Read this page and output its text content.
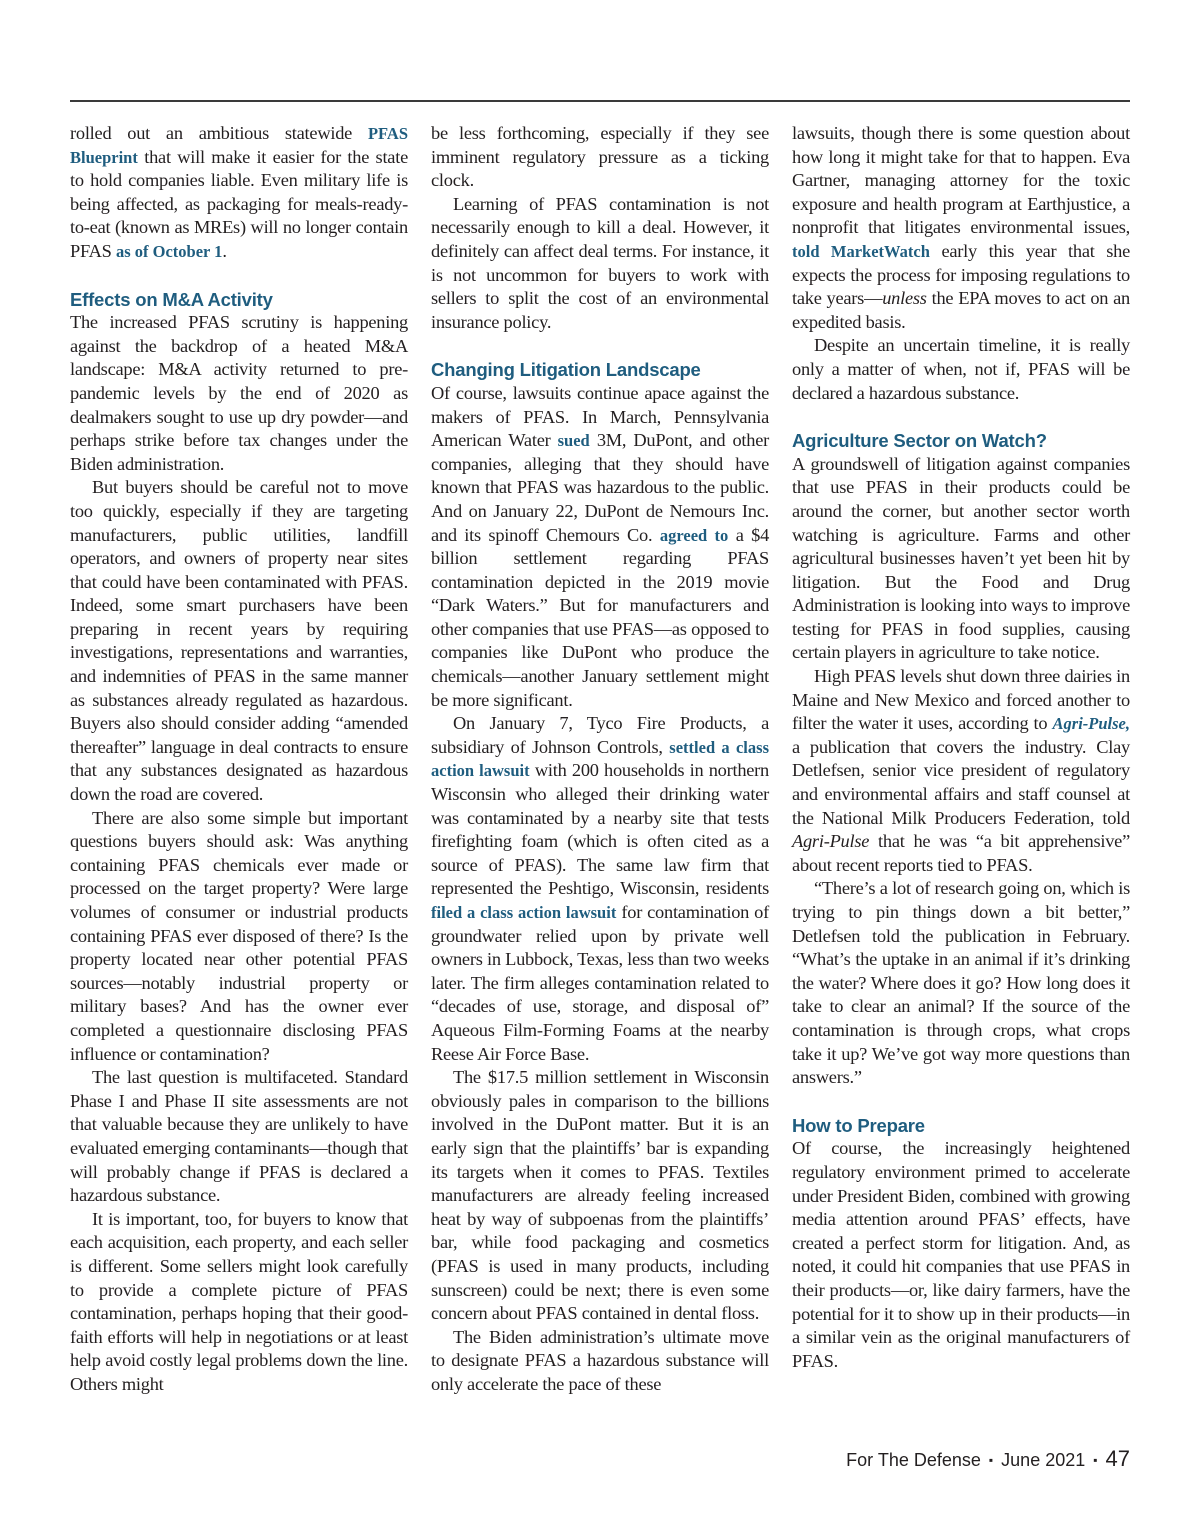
rolled out an ambitious statewide PFAS Blueprint that will make it easier for the state to hold companies liable. Even military life is being affected, as packaging for meals-ready-to-eat (known as MREs) will no longer contain PFAS as of October 1.

Effects on M&A Activity

The increased PFAS scrutiny is happening against the backdrop of a heated M&A landscape: M&A activity returned to pre-pandemic levels by the end of 2020 as dealmakers sought to use up dry powder—and perhaps strike before tax changes under the Biden administration.

But buyers should be careful not to move too quickly, especially if they are targeting manufacturers, public utilities, landfill operators, and owners of property near sites that could have been contaminated with PFAS. Indeed, some smart purchasers have been preparing in recent years by requiring investigations, representations and warranties, and indemnities of PFAS in the same manner as substances already regulated as hazardous. Buyers also should consider adding “amended thereafter” language in deal contracts to ensure that any substances designated as hazardous down the road are covered.

There are also some simple but important questions buyers should ask: Was anything containing PFAS chemicals ever made or processed on the target property? Were large volumes of consumer or industrial products containing PFAS ever disposed of there? Is the property located near other potential PFAS sources—notably industrial property or military bases? And has the owner ever completed a questionnaire disclosing PFAS influence or contamination?

The last question is multifaceted. Standard Phase I and Phase II site assessments are not that valuable because they are unlikely to have evaluated emerging contaminants—though that will probably change if PFAS is declared a hazardous substance.

It is important, too, for buyers to know that each acquisition, each property, and each seller is different. Some sellers might look carefully to provide a complete picture of PFAS contamination, perhaps hoping that their good-faith efforts will help in negotiations or at least help avoid costly legal problems down the line. Others might

be less forthcoming, especially if they see imminent regulatory pressure as a ticking clock.

Learning of PFAS contamination is not necessarily enough to kill a deal. However, it definitely can affect deal terms. For instance, it is not uncommon for buyers to work with sellers to split the cost of an environmental insurance policy.

Changing Litigation Landscape

Of course, lawsuits continue apace against the makers of PFAS. In March, Pennsylvania American Water sued 3M, DuPont, and other companies, alleging that they should have known that PFAS was hazardous to the public. And on January 22, DuPont de Nemours Inc. and its spinoff Chemours Co. agreed to a $4 billion settlement regarding PFAS contamination depicted in the 2019 movie “Dark Waters.” But for manufacturers and other companies that use PFAS—as opposed to companies like DuPont who produce the chemicals—another January settlement might be more significant.

On January 7, Tyco Fire Products, a subsidiary of Johnson Controls, settled a class action lawsuit with 200 households in northern Wisconsin who alleged their drinking water was contaminated by a nearby site that tests firefighting foam (which is often cited as a source of PFAS). The same law firm that represented the Peshtigo, Wisconsin, residents filed a class action lawsuit for contamination of groundwater relied upon by private well owners in Lubbock, Texas, less than two weeks later. The firm alleges contamination related to “decades of use, storage, and disposal of” Aqueous Film-Forming Foams at the nearby Reese Air Force Base.

The $17.5 million settlement in Wisconsin obviously pales in comparison to the billions involved in the DuPont matter. But it is an early sign that the plaintiffs’ bar is expanding its targets when it comes to PFAS. Textiles manufacturers are already feeling increased heat by way of subpoenas from the plaintiffs’ bar, while food packaging and cosmetics (PFAS is used in many products, including sunscreen) could be next; there is even some concern about PFAS contained in dental floss.

The Biden administration’s ultimate move to designate PFAS a hazardous substance will only accelerate the pace of these

lawsuits, though there is some question about how long it might take for that to happen. Eva Gartner, managing attorney for the toxic exposure and health program at Earthjustice, a nonprofit that litigates environmental issues, told MarketWatch early this year that she expects the process for imposing regulations to take years—unless the EPA moves to act on an expedited basis.

Despite an uncertain timeline, it is really only a matter of when, not if, PFAS will be declared a hazardous substance.

Agriculture Sector on Watch?

A groundswell of litigation against companies that use PFAS in their products could be around the corner, but another sector worth watching is agriculture. Farms and other agricultural businesses haven’t yet been hit by litigation. But the Food and Drug Administration is looking into ways to improve testing for PFAS in food supplies, causing certain players in agriculture to take notice.

High PFAS levels shut down three dairies in Maine and New Mexico and forced another to filter the water it uses, according to Agri-Pulse, a publication that covers the industry. Clay Detlefsen, senior vice president of regulatory and environmental affairs and staff counsel at the National Milk Producers Federation, told Agri-Pulse that he was “a bit apprehensive” about recent reports tied to PFAS.

“There’s a lot of research going on, which is trying to pin things down a bit better,” Detlefsen told the publication in February. “What’s the uptake in an animal if it’s drinking the water? Where does it go? How long does it take to clear an animal? If the source of the contamination is through crops, what crops take it up? We’ve got way more questions than answers.”

How to Prepare

Of course, the increasingly heightened regulatory environment primed to accelerate under President Biden, combined with growing media attention around PFAS’ effects, have created a perfect storm for litigation. And, as noted, it could hit companies that use PFAS in their products—or, like dairy farmers, have the potential for it to show up in their products—in a similar vein as the original manufacturers of PFAS.

For The Defense ▪ June 2021 ▪ 47
